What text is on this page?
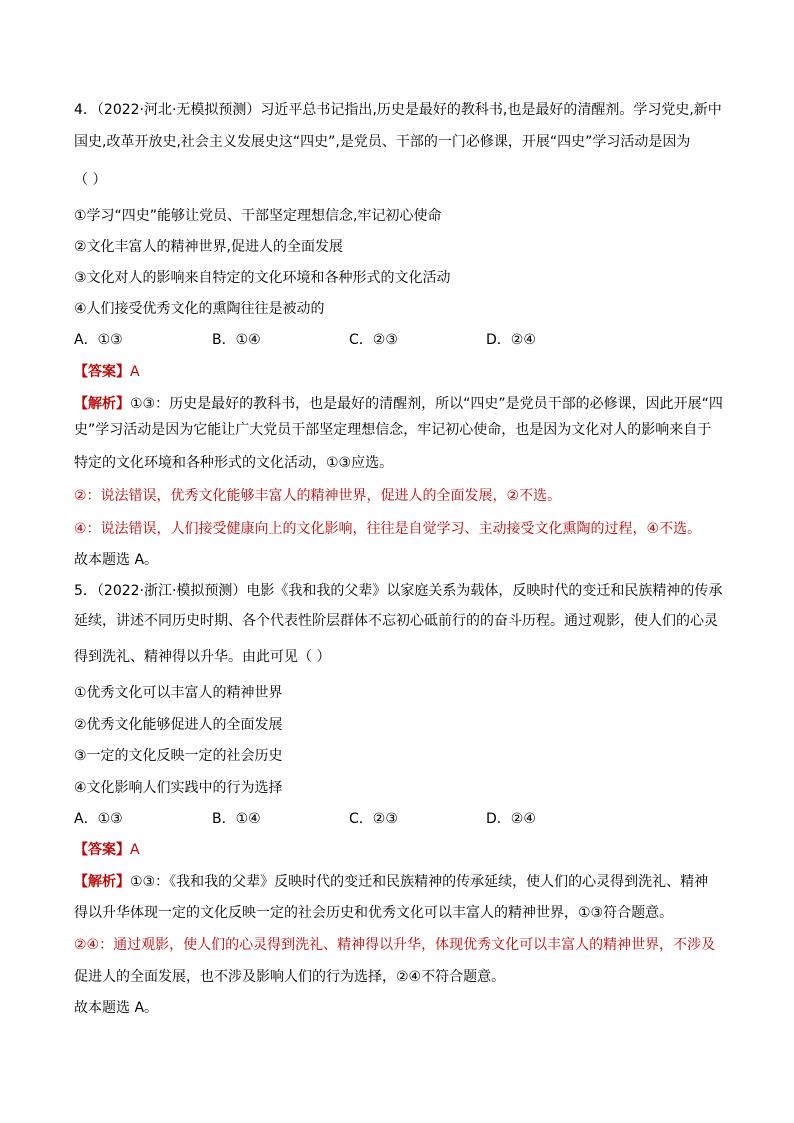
4．（2022·河北·无模拟预测）习近平总书记指出,历史是最好的教科书,也是最好的清醒剂。学习党史,新中
国史,改革开放史,社会主义发展史这“四史”,是党员、干部的一门必修课，开展“四史”学习活动是因为
（ ）
①学习“四史”能够让党员、干部坚定理想信念,牢记初心使命
②文化丰富人的精神世界,促进人的全面发展
③文化对人的影响来自特定的文化环境和各种形式的文化活动
④人们接受优秀文化的熏陶往往是被动的
A．①③	B．①④	C．②③	D．②④
【答案】A
【解析】①③：历史是最好的教科书，也是最好的清醒剂，所以“四史”是党员干部的必修课，因此开展“四
史”学习活动是因为它能让广大党员干部坚定理想信念，牢记初心使命，也是因为文化对人的影响来自于
特定的文化环境和各种形式的文化活动，①③应选。
②：说法错误，优秀文化能够丰富人的精神世界，促进人的全面发展，②不选。
④：说法错误，人们接受健康向上的文化影响，往往是自觉学习、主动接受文化熏陶的过程，④不选。
故本题选 A。
5．（2022·浙江·模拟预测）电影《我和我的父辈》以家庭关系为载体，反映时代的变迁和民族精神的传承
延续，讲述不同历史时期、各个代表性阶层群体不忘初心砥前行的的奋斗历程。通过观影，使人们的心灵
得到洗礼、精神得以升华。由此可见（ ）
①优秀文化可以丰富人的精神世界
②优秀文化能够促进人的全面发展
③一定的文化反映一定的社会历史
④文化影响人们实践中的行为选择
A．①③	B．①④	C．②③	D．②④
【答案】A
【解析】①③：《我和我的父辈》反映时代的变迁和民族精神的传承延续，使人们的心灵得到洗礼、精神
得以升华体现一定的文化反映一定的社会历史和优秀文化可以丰富人的精神世界，①③符合题意。
②④：通过观影，使人们的心灵得到洗礼、精神得以升华，体现优秀文化可以丰富人的精神世界，不涉及
促进人的全面发展，也不涉及影响人们的行为选择，②④不符合题意。
故本题选 A。
